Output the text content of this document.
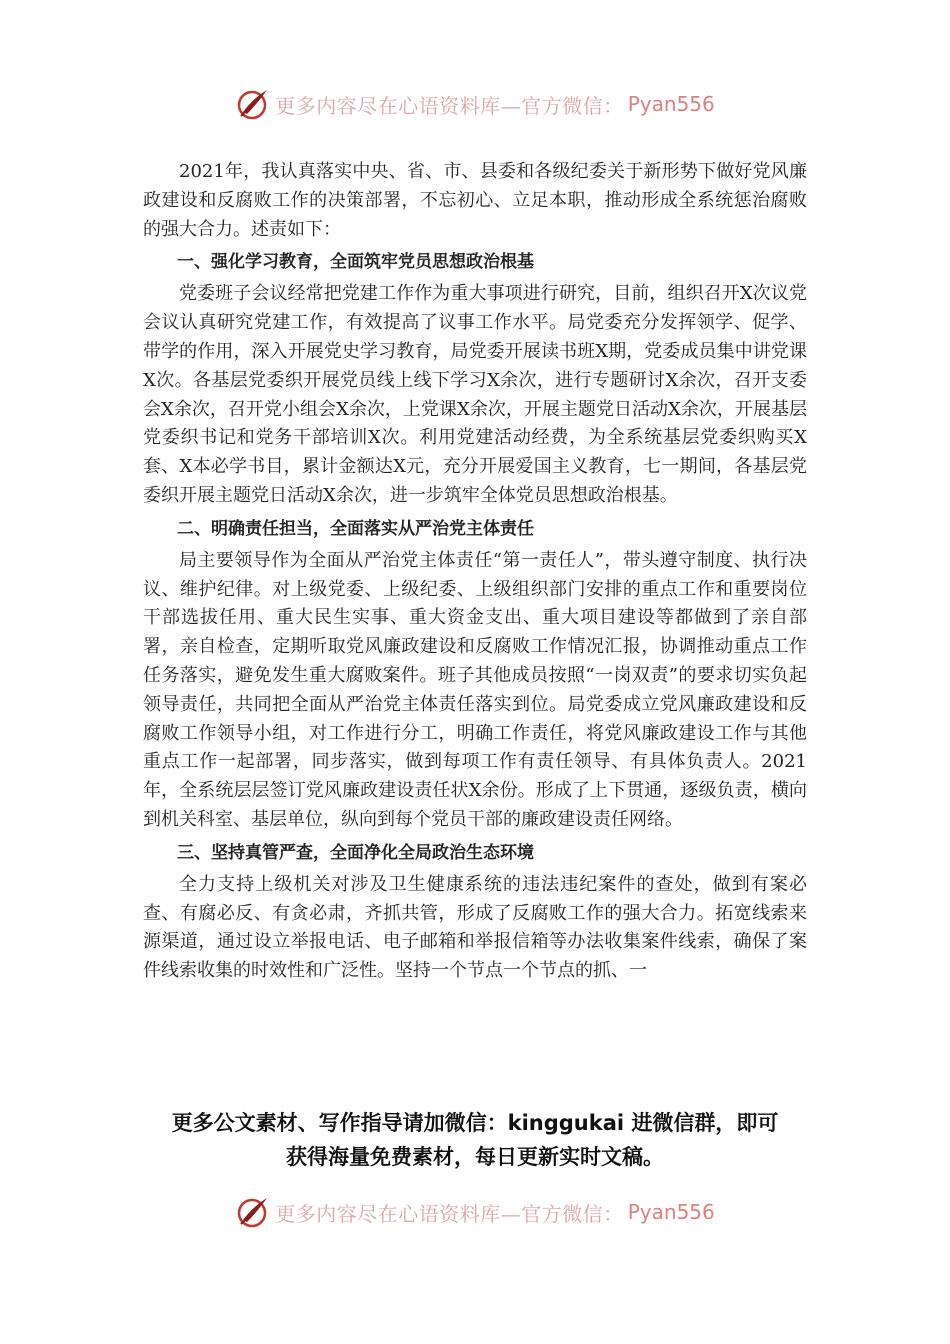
更多内容尽在心语资料库—官方微信： Pyan556

2021年，我认真落实中央、省、市、县委和各级纪委关于新形势下做好党风廉政建设和反腐败工作的决策部署，不忘初心、立足本职，推动形成全系统惩治腐败的强大合力。述责如下：

一、强化学习教育，全面筑牢党员思想政治根基

党委班子会议经常把党建工作作为重大事项进行研究，目前，组织召开X次议党会议认真研究党建工作，有效提高了议事工作水平。局党委充分发挥领学、促学、带学的作用，深入开展党史学习教育，局党委开展读书班X期，党委成员集中讲党课X次。各基层党委织开展党员线上线下学习X余次，进行专题研讨X余次，召开支委会X余次，召开党小组会X余次，上党课X余次，开展主题党日活动X余次，开展基层党委织书记和党务干部培训X次。利用党建活动经费，为全系统基层党委织购买X套、X本必学书目，累计金额达X元，充分开展爱国主义教育，七一期间，各基层党委织开展主题党日活动X余次，进一步筑牢全体党员思想政治根基。

二、明确责任担当，全面落实从严治党主体责任

局主要领导作为全面从严治党主体责任“第一责任人”，带头遵守制度、执行决议、维护纪律。对上级党委、上级纪委、上级组织部门安排的重点工作和重要岗位干部选拔任用、重大民生实事、重大资金支出、重大项目建设等都做到了亲自部署，亲自检查，定期听取党风廉政建设和反腐败工作情况汇报，协调推动重点工作任务落实，避免发生重大腐败案件。班子其他成员按照“一岗双责”的要求切实负起领导责任，共同把全面从严治党主体责任落实到位。局党委成立党风廉政建设和反腐败工作领导小组，对工作进行分工，明确工作责任，将党风廉政建设工作与其他重点工作一起部署，同步落实，做到每项工作有责任领导、有具体负责人。2021年，全系统层层签订党风廉政建设责任状X余份。形成了上下贯通，逐级负责，横向到机关科室、基层单位，纵向到每个党员干部的廉政建设责任网络。

三、坚持真管严查，全面净化全局政治生态环境

全力支持上级机关对涉及卫生健康系统的违法违纪案件的查处，做到有案必查、有腐必反、有贪必肃，齐抓共管，形成了反腐败工作的强大合力。拓宽线索来源渠道，通过设立举报电话、电子邮箱和举报信箱等办法收集案件线索，确保了案件线索收集的时效性和广泛性。坚持一个节点一个节点的抓、一

更多公文素材、写作指导请加微信：kinggukai 进微信群，即可
获得海量免费素材，每日更新实时文稿。
更多内容尽在心语资料库—官方微信： Pyan556
